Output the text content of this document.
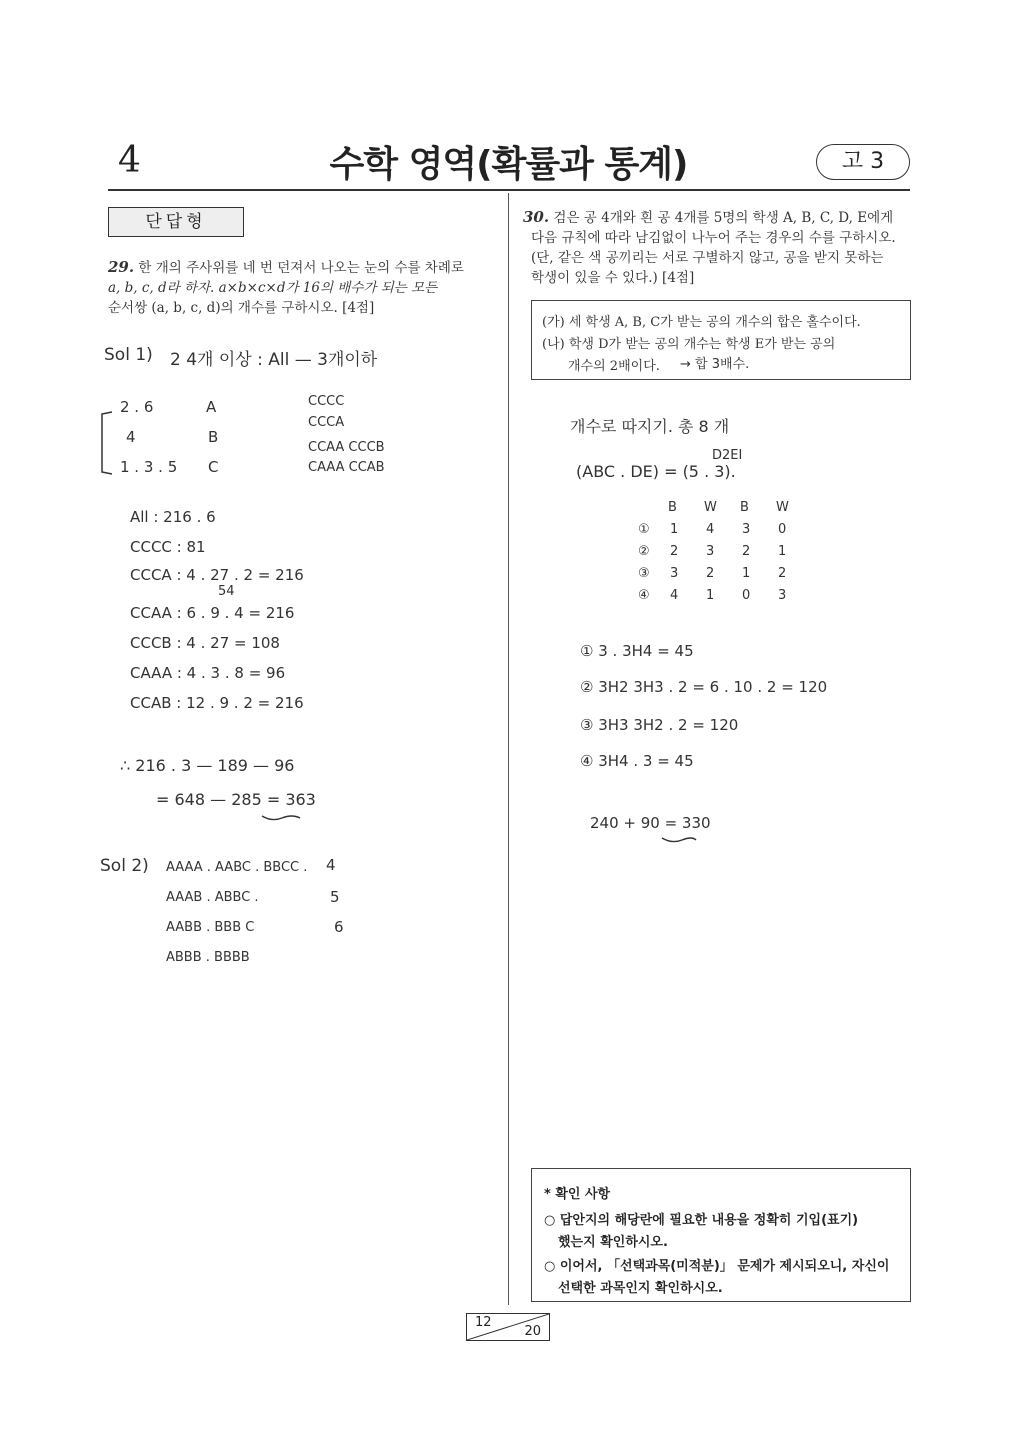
4	수학 영역(확률과 통계)	고 3
단답형
29. 한 개의 주사위를 네 번 던져서 나오는 눈의 수를 차례로
a, b, c, d라 하자. a×b×c×d가 16의 배수가 되는 모든
순서쌍 (a, b, c, d)의 개수를 구하시오. [4점]
Sol 1) 2 4개 이상 : All — 3개이하
2 . 6
4
1 . 3 . 5
A
B
C
CCCC
CCCA
CCAA CCCB
CAAA CCAB
All : 216 . 6
CCCC : 81
CCCA : 4 . 27 . 2 = 216
54
CCAA : 6 . 9 . 4 = 216
CCCB : 4 . 27 = 108
CAAA : 4 . 3 . 8 = 96
CCAB : 12 . 9 . 2 = 216
∴ 216 . 3 — 189 — 96
= 648 — 285 = 363
Sol 2) AAAA . AABC . BBCC .
AAAB . ABBC .
AABB . BBB C
ABBB . BBBB
4
5
6
30. 검은 공 4개와 흰 공 4개를 5명의 학생 A, B, C, D, E에게
다음 규칙에 따라 남김없이 나누어 주는 경우의 수를 구하시오.
(단, 같은 색 공끼리는 서로 구별하지 않고, 공을 받지 못하는
학생이 있을 수 있다.) [4점]
(가) 세 학생 A, B, C가 받는 공의 개수의 합은 홀수이다.
(나) 학생 D가 받는 공의 개수는 학생 E가 받는 공의
개수의 2배이다. → 합 3배수.
개수로 따지기. 총 8 개
D2EI
(ABC . DE) = (5 . 3).
B W B W
① 1 4 3 0
② 2 3 2 1
③ 3 2 1 2
④ 4 1 0 3
① 3 . 3H4 = 45
② 3H2 3H3 . 2 = 6 . 10 . 2 = 120
③ 3H3 3H2 . 2 = 120
④ 3H4 . 3 = 45
240 + 90 = 330
* 확인 사항
○ 답안지의 해당란에 필요한 내용을 정확히 기입(표기)
했는지 확인하시오.
○ 이어서, 「선택과목(미적분)」 문제가 제시되오니, 자신이
선택한 과목인지 확인하시오.
12
20
